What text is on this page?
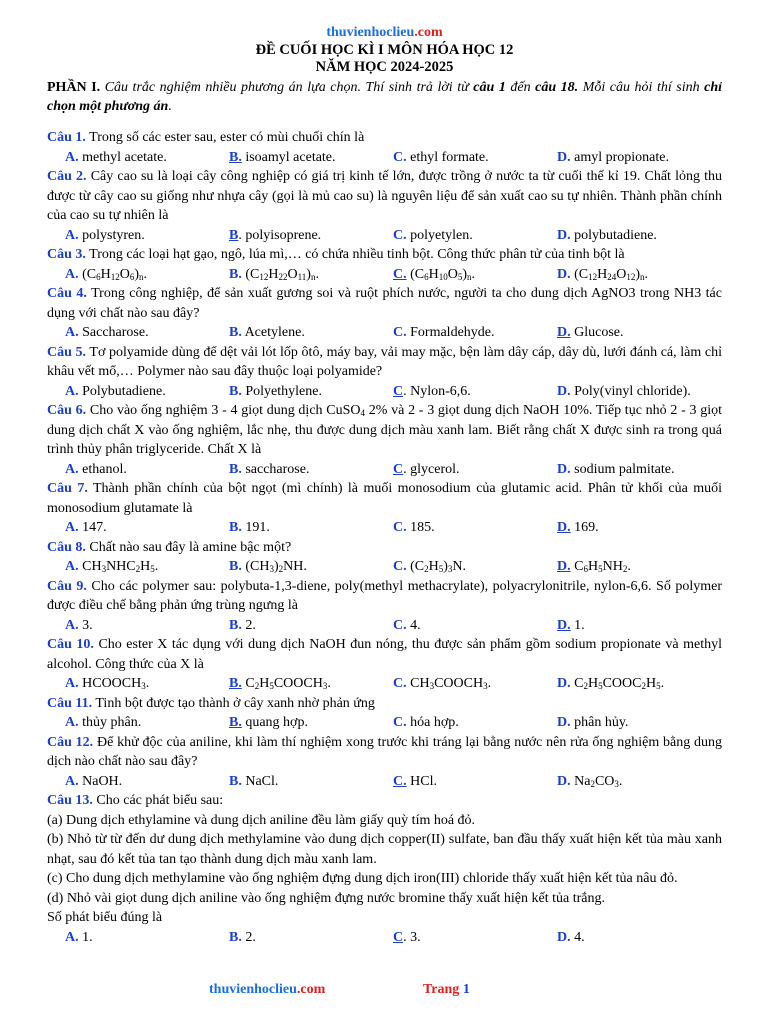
thuvienhoclieu.com
ĐỀ CUỐI HỌC KÌ I MÔN HÓA HỌC 12
NĂM HỌC 2024-2025

PHẦN I. Câu trắc nghiệm nhiều phương án lựa chọn. Thí sinh trả lời từ câu 1 đến câu 18. Mỗi câu hỏi thí sinh chỉ chọn một phương án.

Câu 1. Trong số các ester sau, ester có mùi chuối chín là

A. methyl acetate.	B. isoamyl acetate.	C. ethyl formate.	D. amyl propionate.

Câu 2. Cây cao su là loại cây công nghiệp có giá trị kinh tế lớn, được trồng ở nước ta từ cuối thế kỉ 19. Chất lỏng thu được từ cây cao su giống như nhựa cây (gọi là mủ cao su) là nguyên liệu để sản xuất cao su tự nhiên. Thành phần chính của cao su tự nhiên là

A. polystyren.	B. polyisoprene.	C. polyetylen.	D. polybutadiene.

Câu 3. Trong các loại hạt gạo, ngô, lúa mì,… có chứa nhiều tinh bột. Công thức phân tử của tinh bột là

A. $(C_6H_{12}O_6)_n$.	B. $(C_{12}H_{22}O_{11})_n$.	C. $(C_6H_{10}O_5)_n$.	D. $(C_{12}H_{24}O_{12})_n$.

Câu 4. Trong công nghiệp, để sản xuất gương soi và ruột phích nước, người ta cho dung dịch AgNO3 trong NH3 tác dụng với chất nào sau đây?

A. Saccharose.	B. Acetylene.	C. Formaldehyde.	D. Glucose.

Câu 5. Tơ polyamide dùng để dệt vải lót lốp ôtô, máy bay, vải may mặc, bện làm dây cáp, dây dù, lưới đánh cá, làm chỉ khâu vết mổ,… Polymer nào sau đây thuộc loại polyamide?

A. Polybutadiene.	B. Polyethylene.	C. Nylon-6,6.	D. Poly(vinyl chloride).

Câu 6. Cho vào ống nghiệm 3 - 4 giọt dung dịch CuSO$_4$ 2% và 2 - 3 giọt dung dịch NaOH 10%. Tiếp tục nhỏ 2 - 3 giọt dung dịch chất X vào ống nghiệm, lắc nhẹ, thu được dung dịch màu xanh lam. Biết rằng chất X được sinh ra trong quá trình thủy phân triglyceride. Chất X là

A. ethanol.	B. saccharose.	C. glycerol.	D. sodium palmitate.

Câu 7. Thành phần chính của bột ngọt (mì chính) là muối monosodium của glutamic acid. Phân tử khối của muối monosodium glutamate là

A. 147.	B. 191.	C. 185.	D. 169.

Câu 8. Chất nào sau đây là amine bậc một?

A. $CH_3NHC_2H_5$.	B. $(CH_3)_2NH$.	C. $(C_2H_5)_3N$.	D. $C_6H_5NH_2$.

Câu 9. Cho các polymer sau: polybuta-1,3-diene, poly(methyl methacrylate), polyacrylonitrile, nylon-6,6. Số polymer được điều chế bằng phản ứng trùng ngưng là

A. 3.	B. 2.	C. 4.	D. 1.

Câu 10. Cho ester X tác dụng với dung dịch NaOH đun nóng, thu được sản phẩm gồm sodium propionate và methyl alcohol. Công thức của X là

A. $HCOOCH_3$.	B. $C_2H_5COOCH_3$.	C. $CH_3COOCH_3$.	D. $C_2H_5COOC_2H_5$.

Câu 11. Tinh bột được tạo thành ở cây xanh nhờ phản ứng

A. thủy phân.	B. quang hợp.	C. hóa hợp.	D. phân hủy.

Câu 12. Để khử độc của aniline, khi làm thí nghiệm xong trước khi tráng lại bằng nước nên rửa ống nghiệm bằng dung dịch nào chất nào sau đây?

A. NaOH.	B. NaCl.	C. HCl.	D. $Na_2CO_3$.

Câu 13. Cho các phát biểu sau:

(a) Dung dịch ethylamine và dung dịch aniline đều làm giấy quỳ tím hoá đỏ.

(b) Nhỏ từ từ đến dư dung dịch methylamine vào dung dịch copper(II) sulfate, ban đầu thấy xuất hiện kết tủa màu xanh nhạt, sau đó kết tủa tan tạo thành dung dịch màu xanh lam.

(c) Cho dung dịch methylamine vào ống nghiệm đựng dung dịch iron(III) chloride thấy xuất hiện kết tủa nâu đỏ.

(d) Nhỏ vài giọt dung dịch aniline vào ống nghiệm đựng nước bromine thấy xuất hiện kết tủa trắng.

Số phát biểu đúng là

A. 1.	B. 2.	C. 3.	D. 4.
thuvienhoclieu.com	Trang 1
